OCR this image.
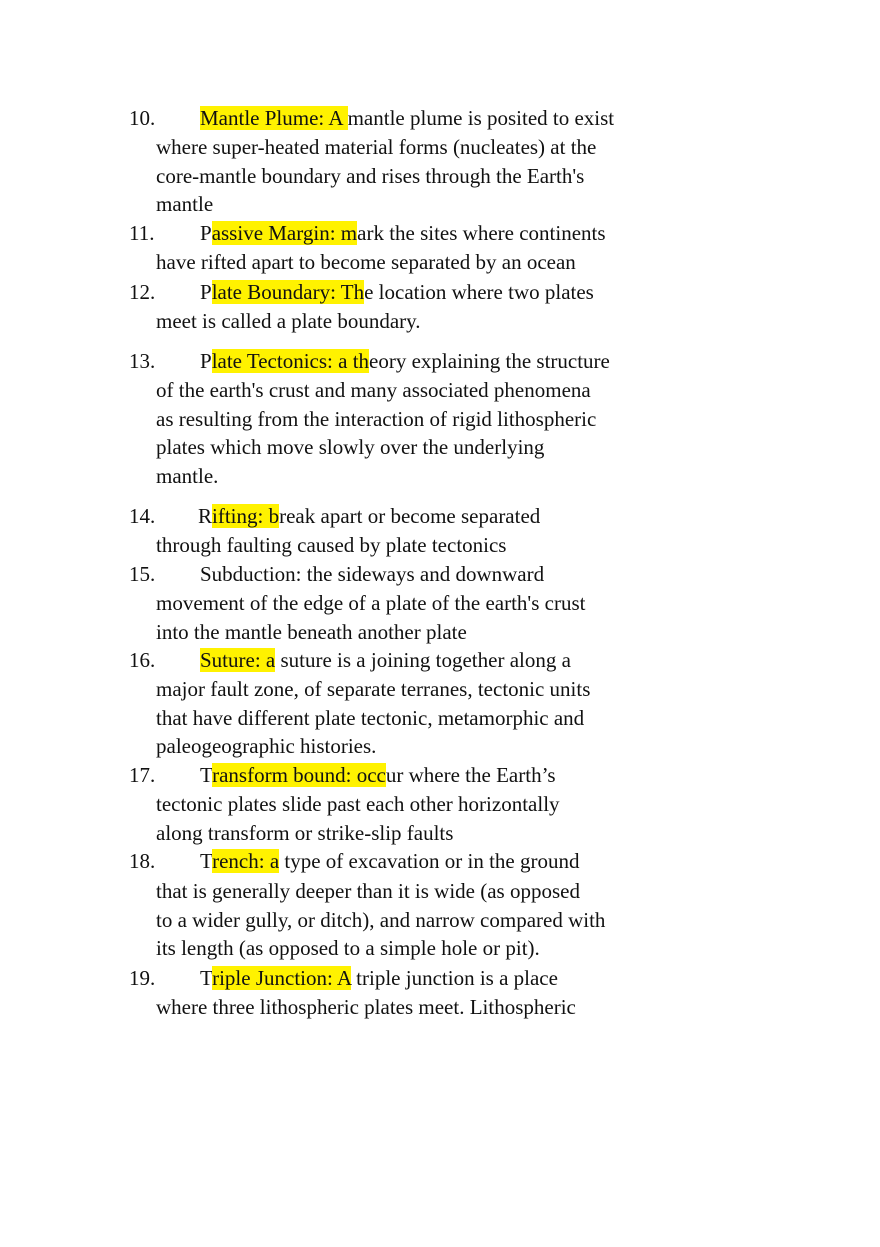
10. Mantle Plume: A mantle plume is posited to exist
where super-heated material forms (nucleates) at the
core-mantle boundary and rises through the Earth's
mantle
11. Passive Margin: mark the sites where continents
have rifted apart to become separated by an ocean
12. Plate Boundary: The location where two plates
meet is called a plate boundary.
13. Plate Tectonics: a theory explaining the structure
of the earth's crust and many associated phenomena
as resulting from the interaction of rigid lithospheric
plates which move slowly over the underlying
mantle.
14. Rifting: break apart or become separated
through faulting caused by plate tectonics
15. Subduction: the sideways and downward
movement of the edge of a plate of the earth's crust
into the mantle beneath another plate
16. Suture: a suture is a joining together along a
major fault zone, of separate terranes, tectonic units
that have different plate tectonic, metamorphic and
paleogeographic histories.
17. Transform bound: occur where the Earth’s
tectonic plates slide past each other horizontally
along transform or strike-slip faults
18. Trench: a type of excavation or in the ground
that is generally deeper than it is wide (as opposed
to a wider gully, or ditch), and narrow compared with
its length (as opposed to a simple hole or pit).
19. Triple Junction: A triple junction is a place
where three lithospheric plates meet. Lithospheric
